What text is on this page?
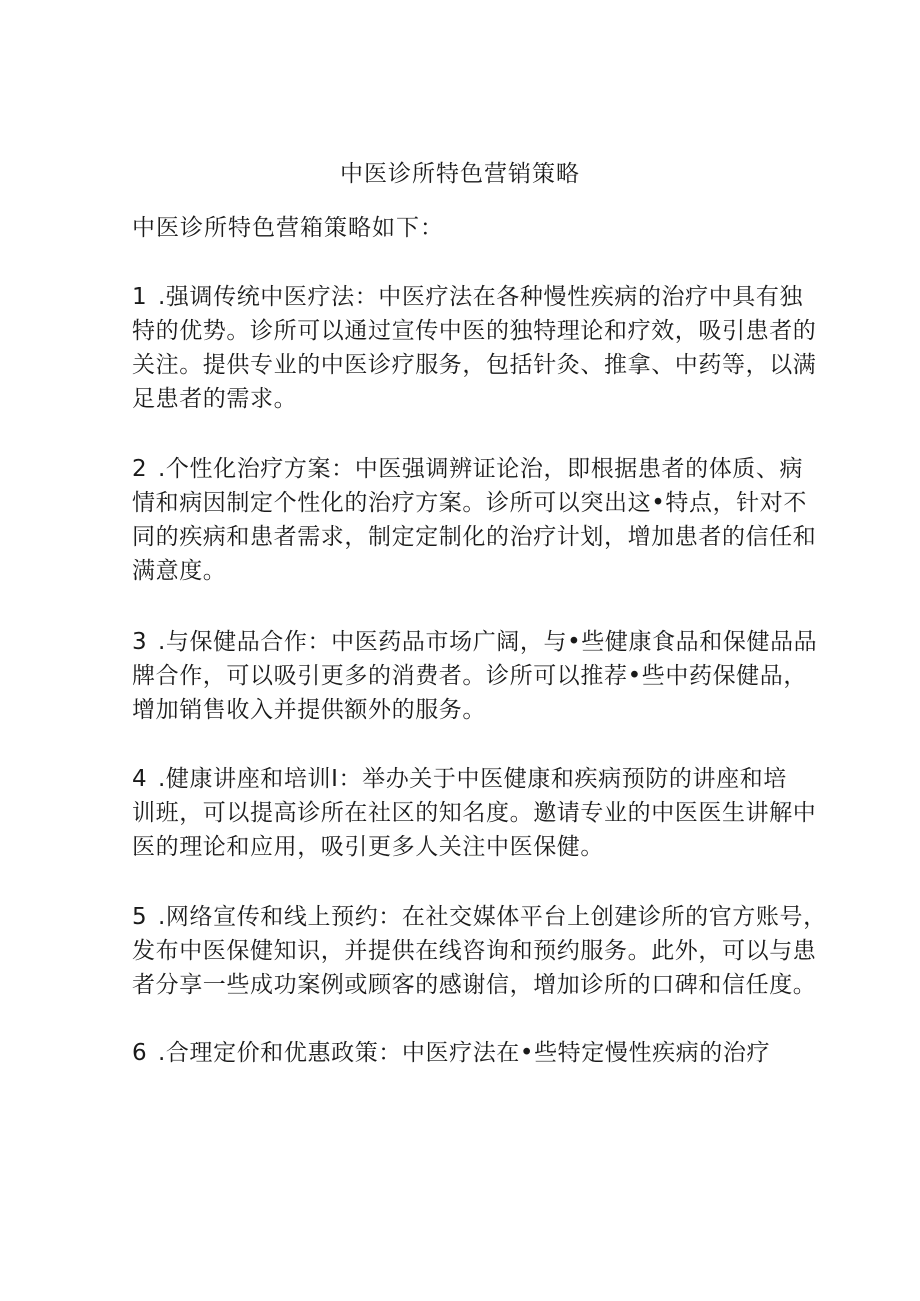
中医诊所特色营销策略
中医诊所特色营箱策略如下：
1 .强调传统中医疗法：中医疗法在各种慢性疾病的治疗中具有独
特的优势。诊所可以通过宣传中医的独特理论和疗效，吸引患者的
关注。提供专业的中医诊疗服务，包括针灸、推拿、中药等，以满
足患者的需求。
2 .个性化治疗方案：中医强调辨证论治，即根据患者的体质、病
情和病因制定个性化的治疗方案。诊所可以突出这•特点，针对不
同的疾病和患者需求，制定定制化的治疗计划，增加患者的信任和
满意度。
3 .与保健品合作：中医药品市场广阔，与•些健康食品和保健品品
牌合作，可以吸引更多的消费者。诊所可以推荐•些中药保健品，
增加销售收入并提供额外的服务。
4 .健康讲座和培训I：举办关于中医健康和疾病预防的讲座和培
训班，可以提高诊所在社区的知名度。邀请专业的中医医生讲解中
医的理论和应用，吸引更多人关注中医保健。
5 .网络宣传和线上预约：在社交媒体平台上创建诊所的官方账号，
发布中医保健知识，并提供在线咨询和预约服务。此外，可以与患
者分享一些成功案例或顾客的感谢信，增加诊所的口碑和信任度。
6 .合理定价和优惠政策：中医疗法在•些特定慢性疾病的治疗
